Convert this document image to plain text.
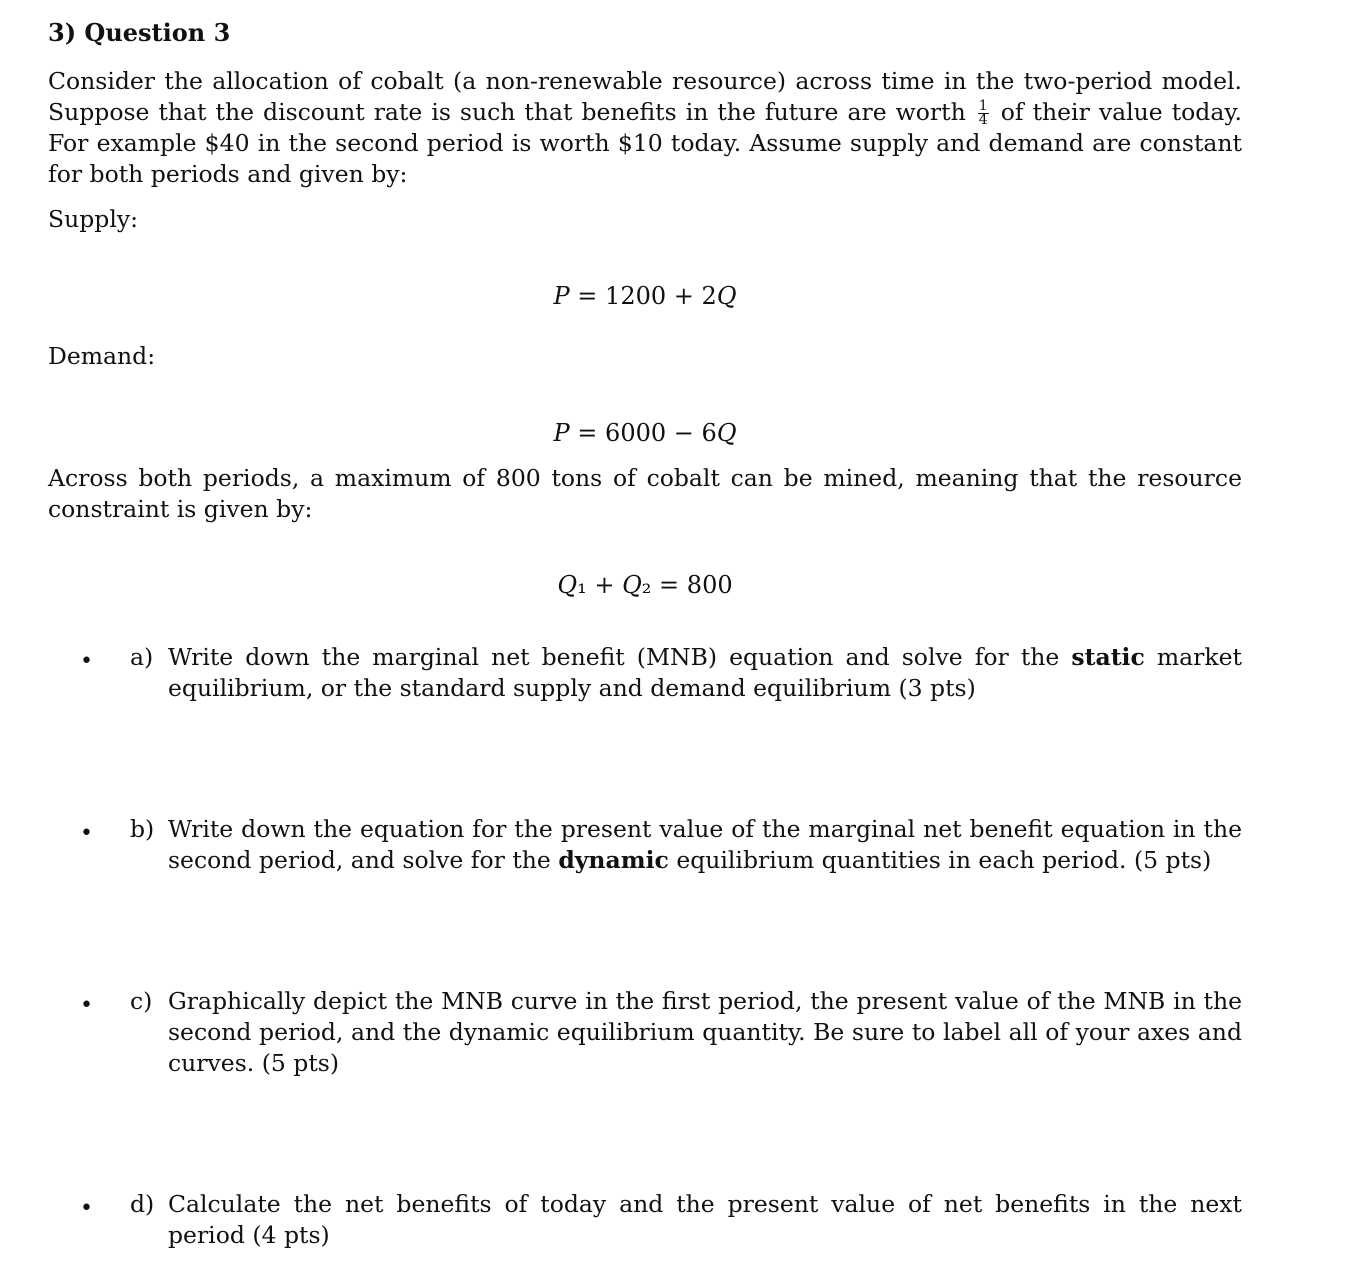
3) Question 3

Consider the allocation of cobalt (a non-renewable resource) across time in the two-period model. Suppose that the discount rate is such that benefits in the future are worth $\frac{1}{4}$ of their value today. For example $40 in the second period is worth $10 today. Assume supply and demand are constant for both periods and given by:

Supply:

P = 1200 + 2Q

Demand:

P = 6000 − 6Q

Across both periods, a maximum of 800 tons of cobalt can be mined, meaning that the resource constraint is given by:

Q₁ + Q₂ = 800

• a) Write down the marginal net benefit (MNB) equation and solve for the static market equilibrium, or the standard supply and demand equilibrium (3 pts)

• b) Write down the equation for the present value of the marginal net benefit equation in the second period, and solve for the dynamic equilibrium quantities in each period. (5 pts)

• c) Graphically depict the MNB curve in the first period, the present value of the MNB in the second period, and the dynamic equilibrium quantity. Be sure to label all of your axes and curves. (5 pts)

• d) Calculate the net benefits of today and the present value of net benefits in the next period (4 pts)
